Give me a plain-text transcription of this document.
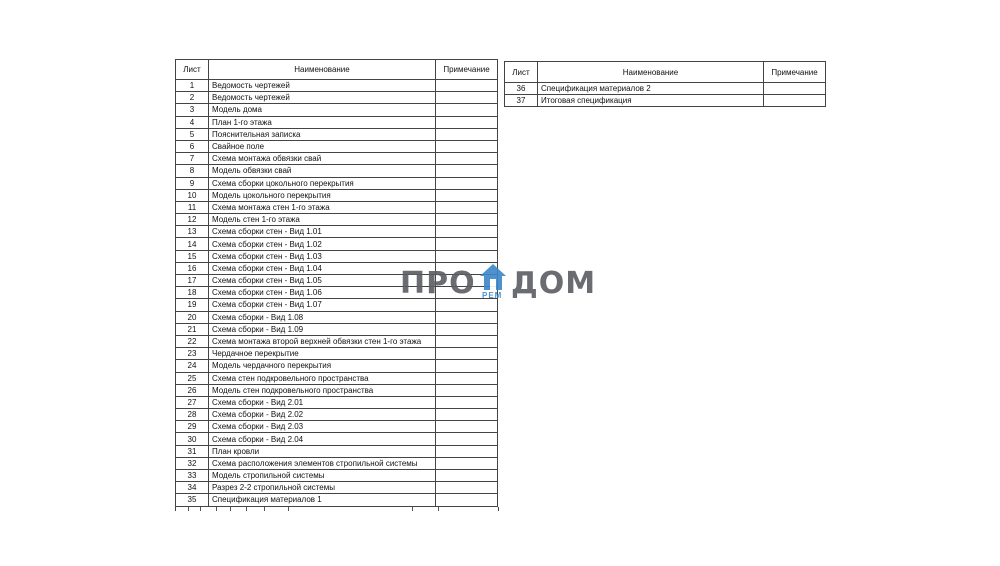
Лист	Наименование	Примечание
1	Ведомость чертежей	
2	Ведомость чертежей	
3	Модель дома	
4	План 1-го этажа	
5	Пояснительная записка	
6	Свайное поле	
7	Схема монтажа обвязки свай	
8	Модель обвязки свай	
9	Схема сборки цокольного перекрытия	
10	Модель цокольного перекрытия	
11	Схема монтажа стен 1-го этажа	
12	Модель стен 1-го этажа	
13	Схема сборки стен - Вид 1.01	
14	Схема сборки стен - Вид 1.02	
15	Схема сборки стен - Вид 1.03	
16	Схема сборки стен - Вид 1.04	
17	Схема сборки стен - Вид 1.05	
18	Схема сборки стен - Вид 1.06	
19	Схема сборки стен - Вид 1.07	
20	Схема сборки - Вид 1.08	
21	Схема сборки - Вид 1.09	
22	Схема монтажа второй верхней обвязки стен 1-го этажа	
23	Чердачное перекрытие	
24	Модель чердачного перекрытия	
25	Схема стен подкровельного пространства	
26	Модель стен подкровельного пространства	
27	Схема сборки - Вид 2.01	
28	Схема сборки - Вид 2.02	
29	Схема сборки - Вид 2.03	
30	Схема сборки - Вид 2.04	
31	План кровли	
32	Схема расположения элементов стропильной системы	
33	Модель стропильной системы	
34	Разрез 2-2 стропильной системы	
35	Спецификация материалов 1	
Лист	Наименование	Примечание
36	Спецификация материалов 2	
37	Итоговая спецификация	
ПРО РЕМ ДОМ
